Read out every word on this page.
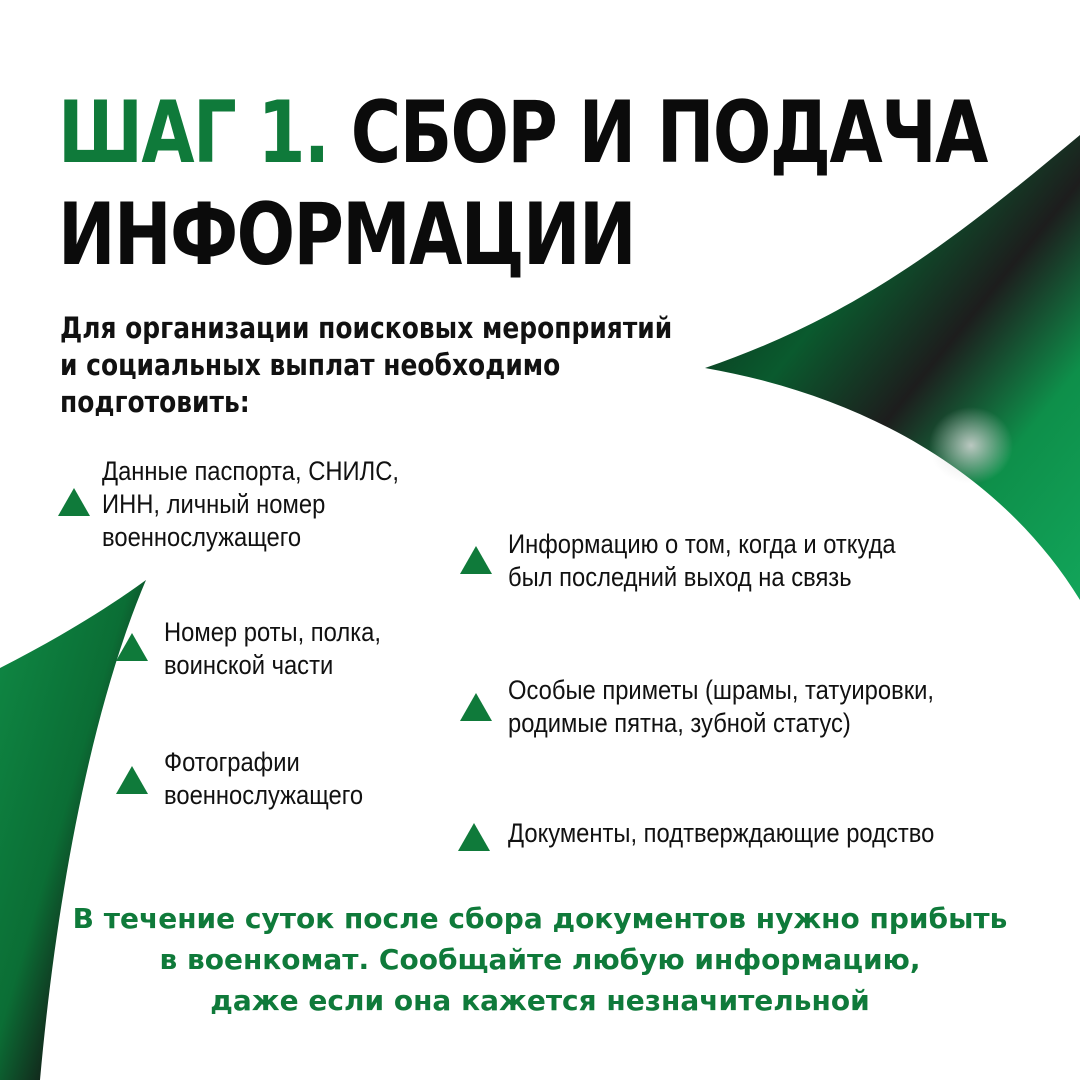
ШАГ 1. СБОР И ПОДАЧА
ИНФОРМАЦИИ

Для организации поисковых мероприятий
и социальных выплат необходимо
подготовить:

Данные паспорта, СНИЛС,
ИНН, личный номер
военнослужащего

Номер роты, полка,
воинской части

Фотографии
военнослужащего

Информацию о том, когда и откуда
был последний выход на связь

Особые приметы (шрамы, татуировки,
родимые пятна, зубной статус)

Документы, подтверждающие родство

В течение суток после сбора документов нужно прибыть
в военкомат. Сообщайте любую информацию,
даже если она кажется незначительной
